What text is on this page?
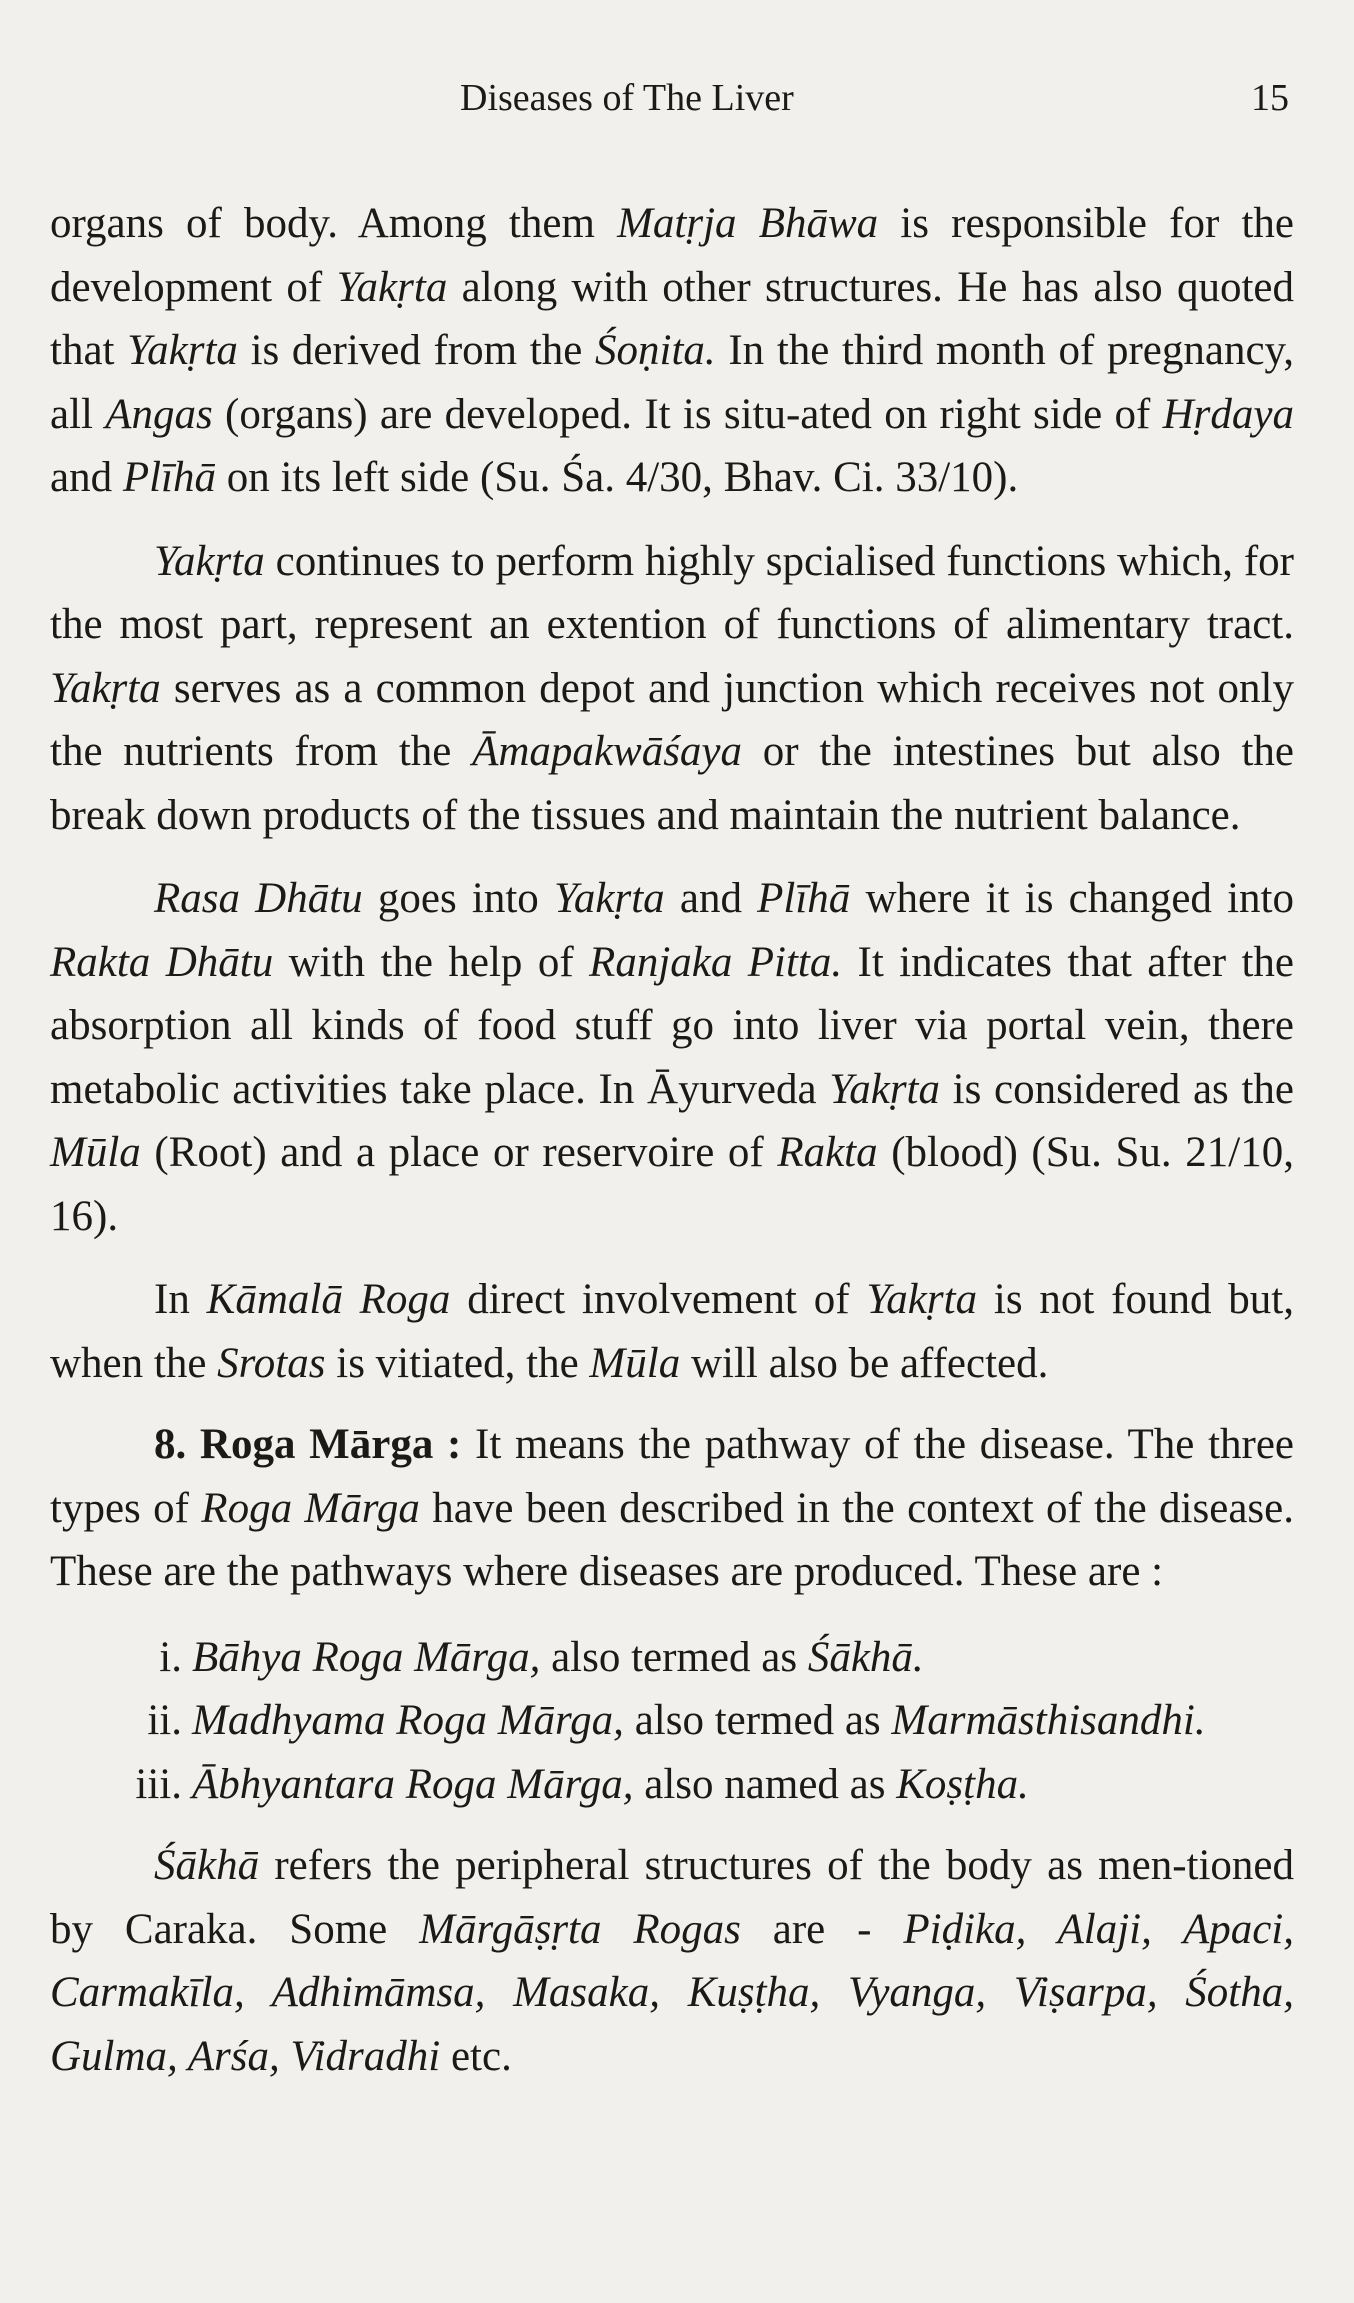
Diseases of The Liver	15

organs of body. Among them Matṛja Bhāwa is responsible for the development of Yakṛta along with other structures. He has also quoted that Yakṛta is derived from the Śoṇita. In the third month of pregnancy, all Angas (organs) are developed. It is situ-ated on right side of Hṛdaya and Plīhā on its left side (Su. Śa. 4/30, Bhav. Ci. 33/10).

Yakṛta continues to perform highly spcialised functions which, for the most part, represent an extention of functions of alimentary tract. Yakṛta serves as a common depot and junction which receives not only the nutrients from the Āmapakwāśaya or the intestines but also the break down products of the tissues and maintain the nutrient balance.

Rasa Dhātu goes into Yakṛta and Plīhā where it is changed into Rakta Dhātu with the help of Ranjaka Pitta. It indicates that after the absorption all kinds of food stuff go into liver via portal vein, there metabolic activities take place. In Āyurveda Yakṛta is considered as the Mūla (Root) and a place or reservoire of Rakta (blood) (Su. Su. 21/10, 16).

In Kāmalā Roga direct involvement of Yakṛta is not found but, when the Srotas is vitiated, the Mūla will also be affected.

8. Roga Mārga : It means the pathway of the disease. The three types of Roga Mārga have been described in the context of the disease. These are the pathways where diseases are produced. These are :

i. Bāhya Roga Mārga, also termed as Śākhā.
ii. Madhyama Roga Mārga, also termed as Marmāsthisandhi.
iii. Ābhyantara Roga Mārga, also named as Koṣṭha.

Śākhā refers the peripheral structures of the body as men-tioned by Caraka. Some Mārgāṣṛta Rogas are - Piḍika, Alaji, Apaci, Carmakīla, Adhimāmsa, Masaka, Kuṣṭha, Vyanga, Viṣarpa, Śotha, Gulma, Arśa, Vidradhi etc.
